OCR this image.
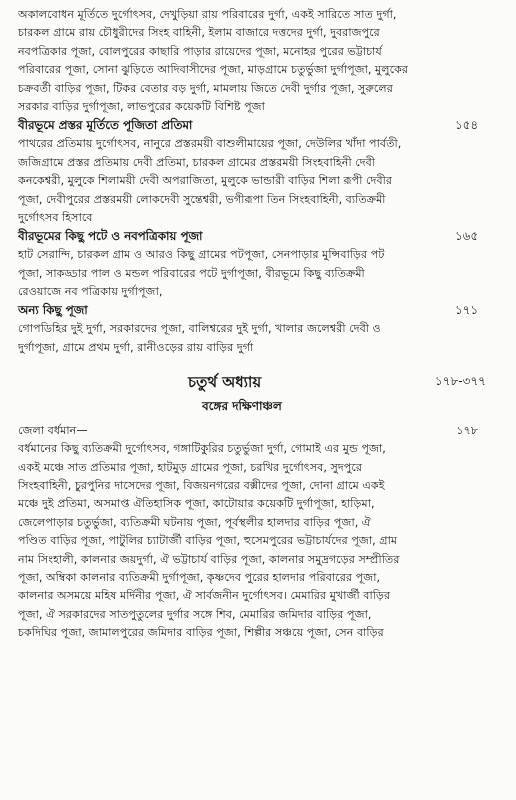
অকালবোধন মূর্তিতে দুর্গোৎসব, দেখুড়িয়া রায় পরিবারের দুর্গা, একই সারিতে সাত দুর্গা,
চারকল গ্রামে রায় চৌধুরীদের সিংহ বাহিনী, ইলাম বাজারে দত্তদের দুর্গা, দুবরাজপুরে
নবপত্রিকার পূজা, বোলপুরের কাছারি পাড়ার রায়েদের পূজা, মনোহর পুরের ভট্টাচার্য
পরিবারের পূজা, সোনা ঝুড়িতে আদিবাসীদের পূজা, মাড়গ্রামে চতুর্ভুজা দুর্গাপূজা, মুলুকের
চক্রবর্তী বাড়ির পূজা, টিকর বেতার বড় দুর্গা, মামলায় জিতে দেবী দুর্গার পূজা, সুরুলের
সরকার বাড়ির দুর্গাপূজা, লাভপুরের কয়েকটি বিশিষ্ট পূজা
বীরভূমে প্রস্তর মূর্তিতে পূজিতা প্রতিমা	১৫৪
পাথরের প্রতিমায় দুর্গোৎসব, নানুরে প্রস্তরময়ী বাশুলীমায়ের পূজা, দেউলির খাঁদা পার্বতী,
জজিগ্রামে প্রস্তর প্রতিমায় দেবী প্রতিমা, চারকল গ্রামের প্রস্তরময়ী সিংহবাহিনী দেবী
কনকেশ্বরী, মুলুকে শিলাময়ী দেবী অপরাজিতা, মুলুকে ভান্ডারী বাড়ির শিলা রূপী দেবীর
পূজা, দেবীপুরের প্রস্তরময়ী লোকদেবী সুন্তেশ্বরী, ভগীরূপা তিন সিংহবাহিনী, ব্যতিক্রমী
দুর্গোৎসব হিসাবে
বীরভূমের কিছু পটে ও নবপত্রিকায় পূজা	১৬৫
হাট সেরান্দি, চারকল গ্রাম ও আরও কিছু গ্রামের পটপূজা, সেনপাড়ার মুন্সিবাড়ির পট
পূজা, সাকড্ডার পাল ও মন্ডল পরিবারের পটে দুর্গাপূজা, বীরভূমে কিছু ব্যতিক্রমী
রেওয়াজে নব পত্রিকায় দুর্গাপূজা,
অন্য কিছু পূজা	১৭১
গোপডিহির দুই দুর্গা, সরকারদের পূজা, বালিশ্বরের দুই দুর্গা, খালার জলেশ্বরী দেবী ও
দুর্গাপূজা, গ্রামে প্রথম দুর্গা, রানীওড়ের রায় বাড়ির দুর্গা
চতুর্থ অধ্যায়	১৭৮-৩৭৭
বঙ্গের দক্ষিণাঞ্চল
জেলা বর্ধমান—	১৭৮
বর্ধমানের কিছু ব্যতিক্রমী দুর্গোৎসব, গঙ্গাটিকুরির চতুর্ভুজা দুর্গা, গোমাই এর মুন্ড পূজা,
একই মঞ্চে সাত প্রতিমার পূজা, হাটমুড় গ্রামের পূজা, চরখির দুর্গোৎসব, সুদপুরে
সিংহবাহিনী, চুরপুনির দাসেদের পূজা, বিজয়নগরের বক্সীদের পূজা, দোনা গ্রামে একই
মঞ্চে দুই প্রতিমা, অসমাপ্ত ঐতিহাসিক পূজা, কাটোয়ার কয়েকটি দুর্গাপূজা, হাড়িমা,
জেলেপাড়ার চতুর্ভুজা, ব্যতিক্রমী ঘটনায় পূজা, পূর্বস্থলীর হালদার বাড়ির পূজা, ঐ
পণ্ডিত বাড়ির পূজা, পাটুলির চ্যাটার্জী বাড়ির পূজা, হুসেমপুরের ভট্টাচার্যদের পূজা, গ্রাম
নাম সিংহালী, কালনার জয়দুর্গা, ঐ ভট্টাচার্য বাড়ির পূজা, কালনার সমুদ্রগড়ের সম্প্রীতির
পূজা, অম্বিকা কালনার ব্যতিক্রমী দুর্গাপূজা, কৃষ্ণদেব পুরের হালদার পরিবারের পূজা,
কালনার অসময়ে মহিষ মর্দিনীর পূজা, ঐ সার্বজনীন দুর্গোৎসব। মেমারির মুখার্জী বাড়ির
পূজা, ঐ সরকারদের সাতপুতুলের দুর্গার সঙ্গে শিব, মেমারির জমিদার বাড়ির পূজা,
চকদিঘির পূজা, জামালপুরের জমিদার বাড়ির পূজা, শিল্পীর সঞ্চয়ে পূজা, সেন বাড়ির
